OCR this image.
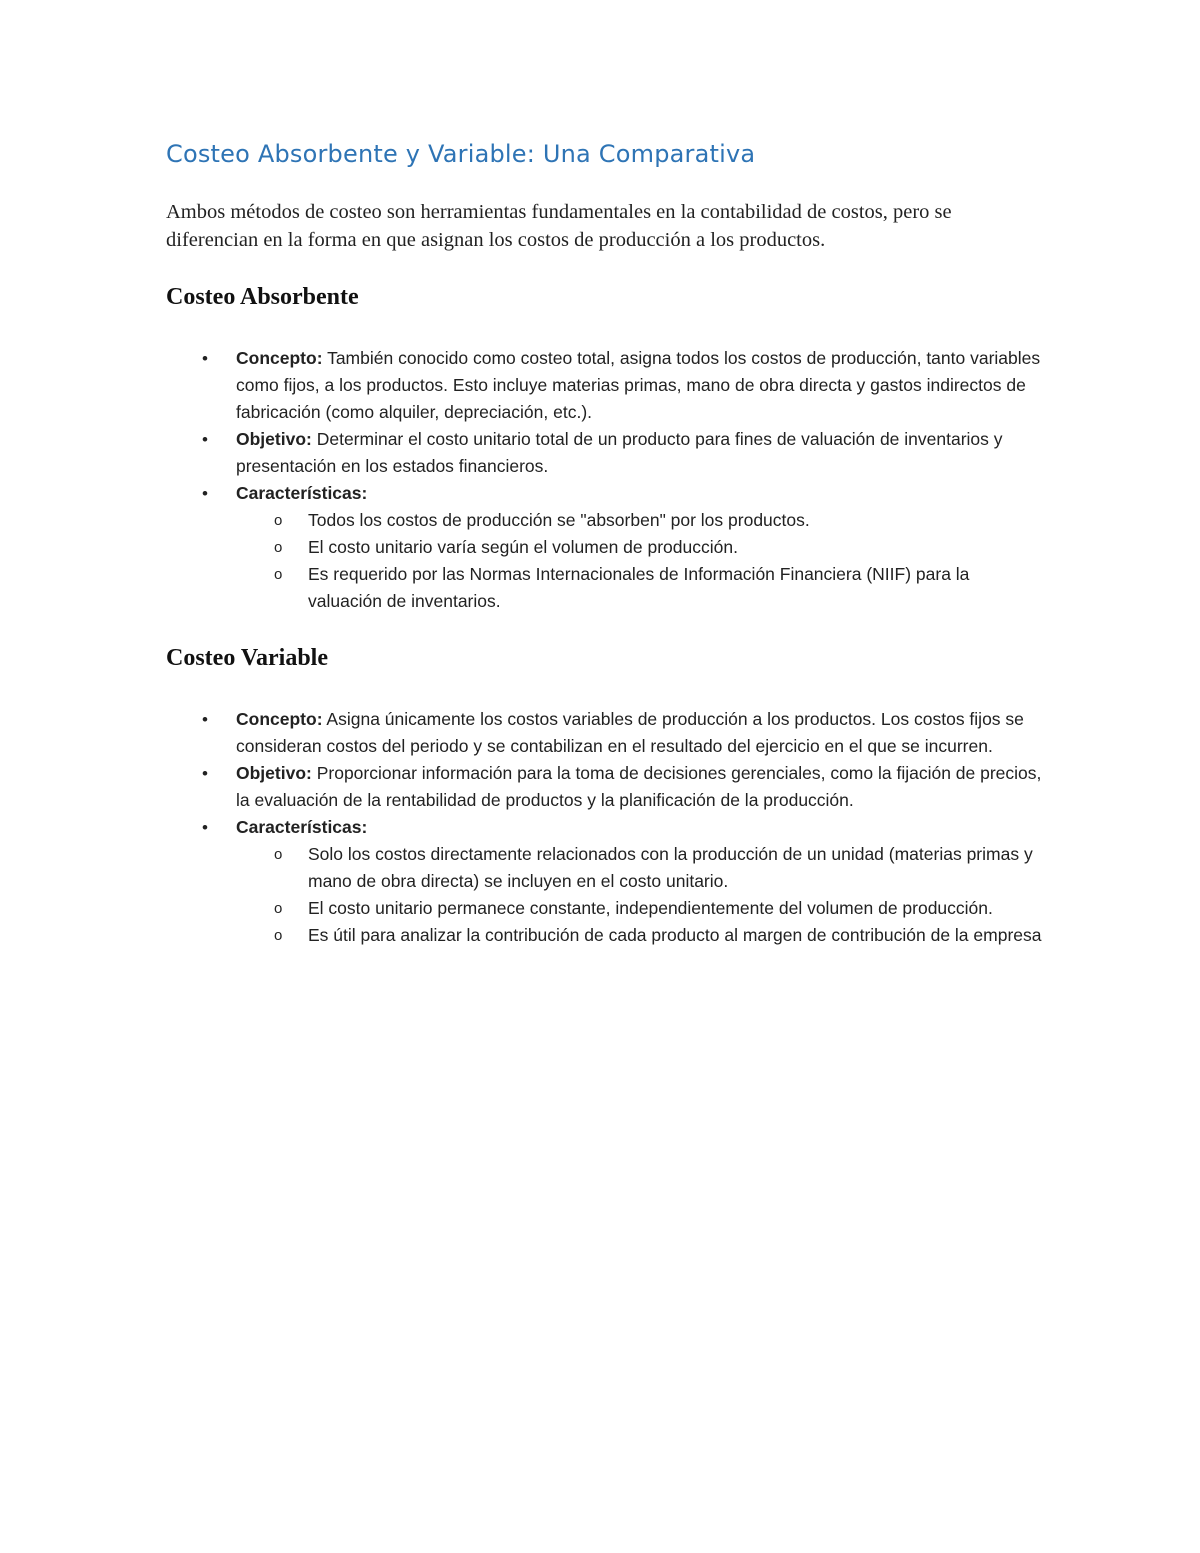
Costeo Absorbente y Variable: Una Comparativa

Ambos métodos de costeo son herramientas fundamentales en la contabilidad de costos, pero se diferencian en la forma en que asignan los costos de producción a los productos.

Costeo Absorbente
• Concepto: También conocido como costeo total, asigna todos los costos de producción, tanto variables como fijos, a los productos. Esto incluye materias primas, mano de obra directa y gastos indirectos de fabricación (como alquiler, depreciación, etc.).
• Objetivo: Determinar el costo unitario total de un producto para fines de valuación de inventarios y presentación en los estados financieros.
• Características:
o Todos los costos de producción se "absorben" por los productos.
o El costo unitario varía según el volumen de producción.
o Es requerido por las Normas Internacionales de Información Financiera (NIIF) para la valuación de inventarios.
Costeo Variable
• Concepto: Asigna únicamente los costos variables de producción a los productos. Los costos fijos se consideran costos del periodo y se contabilizan en el resultado del ejercicio en el que se incurren.
• Objetivo: Proporcionar información para la toma de decisiones gerenciales, como la fijación de precios, la evaluación de la rentabilidad de productos y la planificación de la producción.
• Características:
o Solo los costos directamente relacionados con la producción de un unidad (materias primas y mano de obra directa) se incluyen en el costo unitario.
o El costo unitario permanece constante, independientemente del volumen de producción.
o Es útil para analizar la contribución de cada producto al margen de contribución de la empresa
